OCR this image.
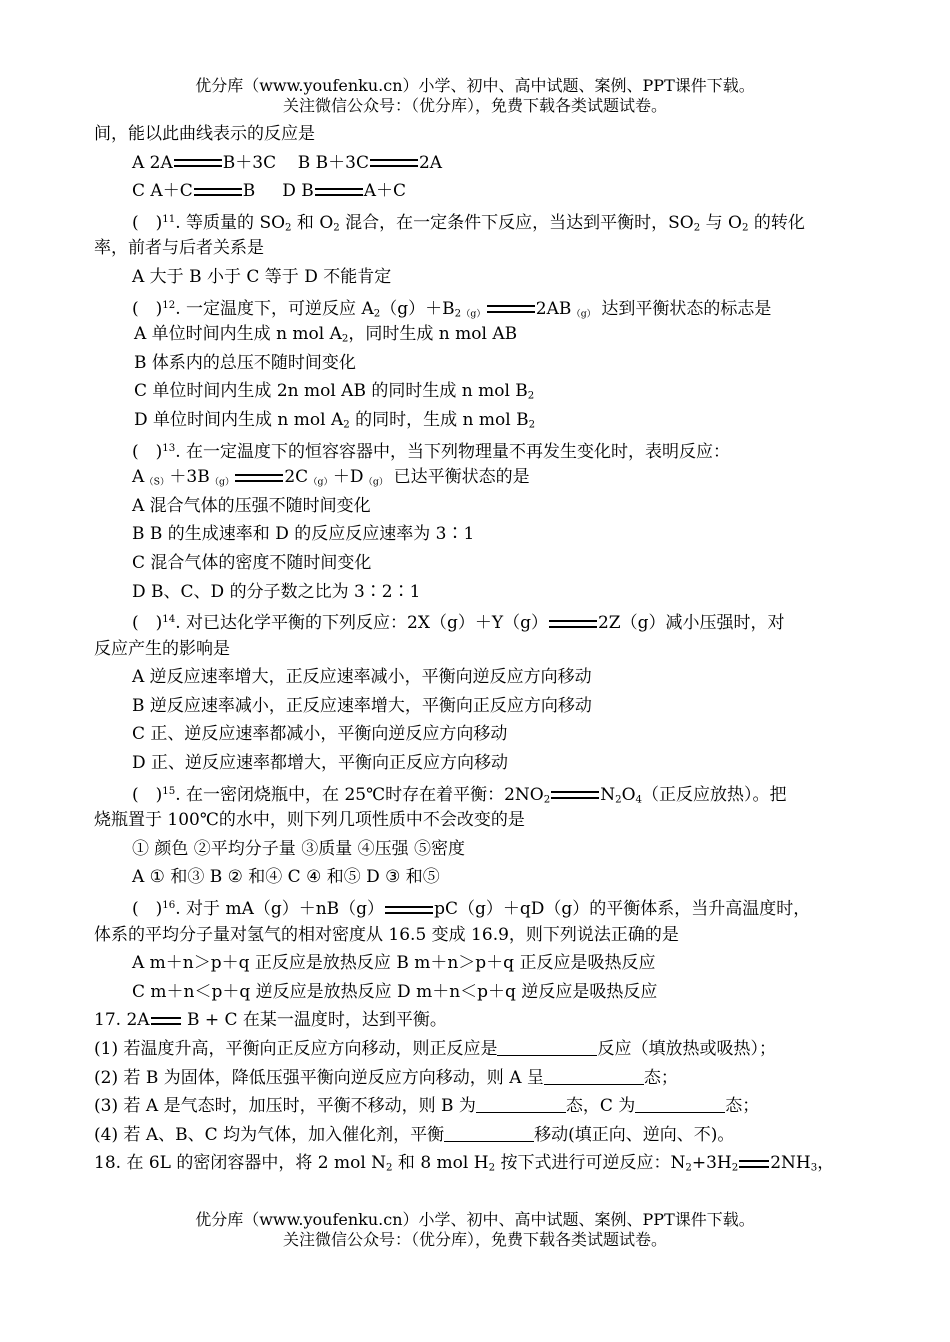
优分库（www.youfenku.cn）小学、初中、高中试题、案例、PPT课件下载。
关注微信公众号：（优分库），免费下载各类试题试卷。
间，能以此曲线表示的反应是
A 2A	B＋3C B B＋3C	2A
C A＋C	B D B	A＋C
(　)$^{11}$. 等质量的 $SO_2$ 和 $O_2$ 混合，在一定条件下反应，当达到平衡时，$SO_2$ 与 $O_2$ 的转化
率，前者与后者关系是
A 大于 B 小于 C 等于 D 不能肯定
(　)$^{12}$. 一定温度下，可逆反应 $A_2(g)+B_2(g)$	2AB（g） 达到平衡状态的标志是
A 单位时间内生成 n mol $A_2$，同时生成 n mol AB
B 体系内的总压不随时间变化
C 单位时间内生成 2n mol AB 的同时生成 n mol $B_2$
D 单位时间内生成 n mol $A_2$ 的同时，生成 n mol $B_2$
(　)$^{13}$. 在一定温度下的恒容容器中，当下列物理量不再发生变化时，表明反应：
A（S）＋3B（g）	2C（g）＋D（g） 已达平衡状态的是
A 混合气体的压强不随时间变化
B B 的生成速率和 D 的反应反应速率为 3∶1
C 混合气体的密度不随时间变化
D B、C、D 的分子数之比为 3∶2∶1
(　)$^{14}$. 对已达化学平衡的下列反应：2X（g）＋Y（g）	2Z（g）减小压强时，对
反应产生的影响是
A 逆反应速率增大，正反应速率减小，平衡向逆反应方向移动
B 逆反应速率减小，正反应速率增大，平衡向正反应方向移动
C 正、逆反应速率都减小，平衡向逆反应方向移动
D 正、逆反应速率都增大，平衡向正反应方向移动
(　)$^{15}$. 在一密闭烧瓶中，在 25℃时存在着平衡：$2NO_2$	$N_2O_4$（正反应放热）。把
烧瓶置于 100℃的水中，则下列几项性质中不会改变的是
① 颜色 ②平均分子量 ③质量 ④压强 ⑤密度
A ① 和③ B ② 和④ C ④ 和⑤ D ③ 和⑤
(　)$^{16}$. 对于 mA（g）＋nB（g）	pC（g）＋qD（g）的平衡体系，当升高温度时，
体系的平均分子量对氢气的相对密度从 16.5 变成 16.9，则下列说法正确的是
A m＋n＞p＋q 正反应是放热反应 B m＋n＞p＋q 正反应是吸热反应
C m＋n＜p＋q 逆反应是放热反应 D m＋n＜p＋q 逆反应是吸热反应
17. 2A B + C 在某一温度时，达到平衡。
(1) 若温度升高，平衡向正反应方向移动，则正反应是	反应（填放热或吸热）；
(2) 若 B 为固体，降低压强平衡向逆反应方向移动，则 A 呈	态；
(3) 若 A 是气态时，加压时，平衡不移动，则 B 为	态，C 为	态；
(4) 若 A、B、C 均为气体，加入催化剂，平衡	移动(填正向、逆向、不)。
18. 在 6L 的密闭容器中，将 2 mol $N_2$ 和 8 mol $H_2$ 按下式进行可逆反应：$N_2+3H_2$ $2NH_3$，
优分库（www.youfenku.cn）小学、初中、高中试题、案例、PPT课件下载。
关注微信公众号：（优分库），免费下载各类试题试卷。
